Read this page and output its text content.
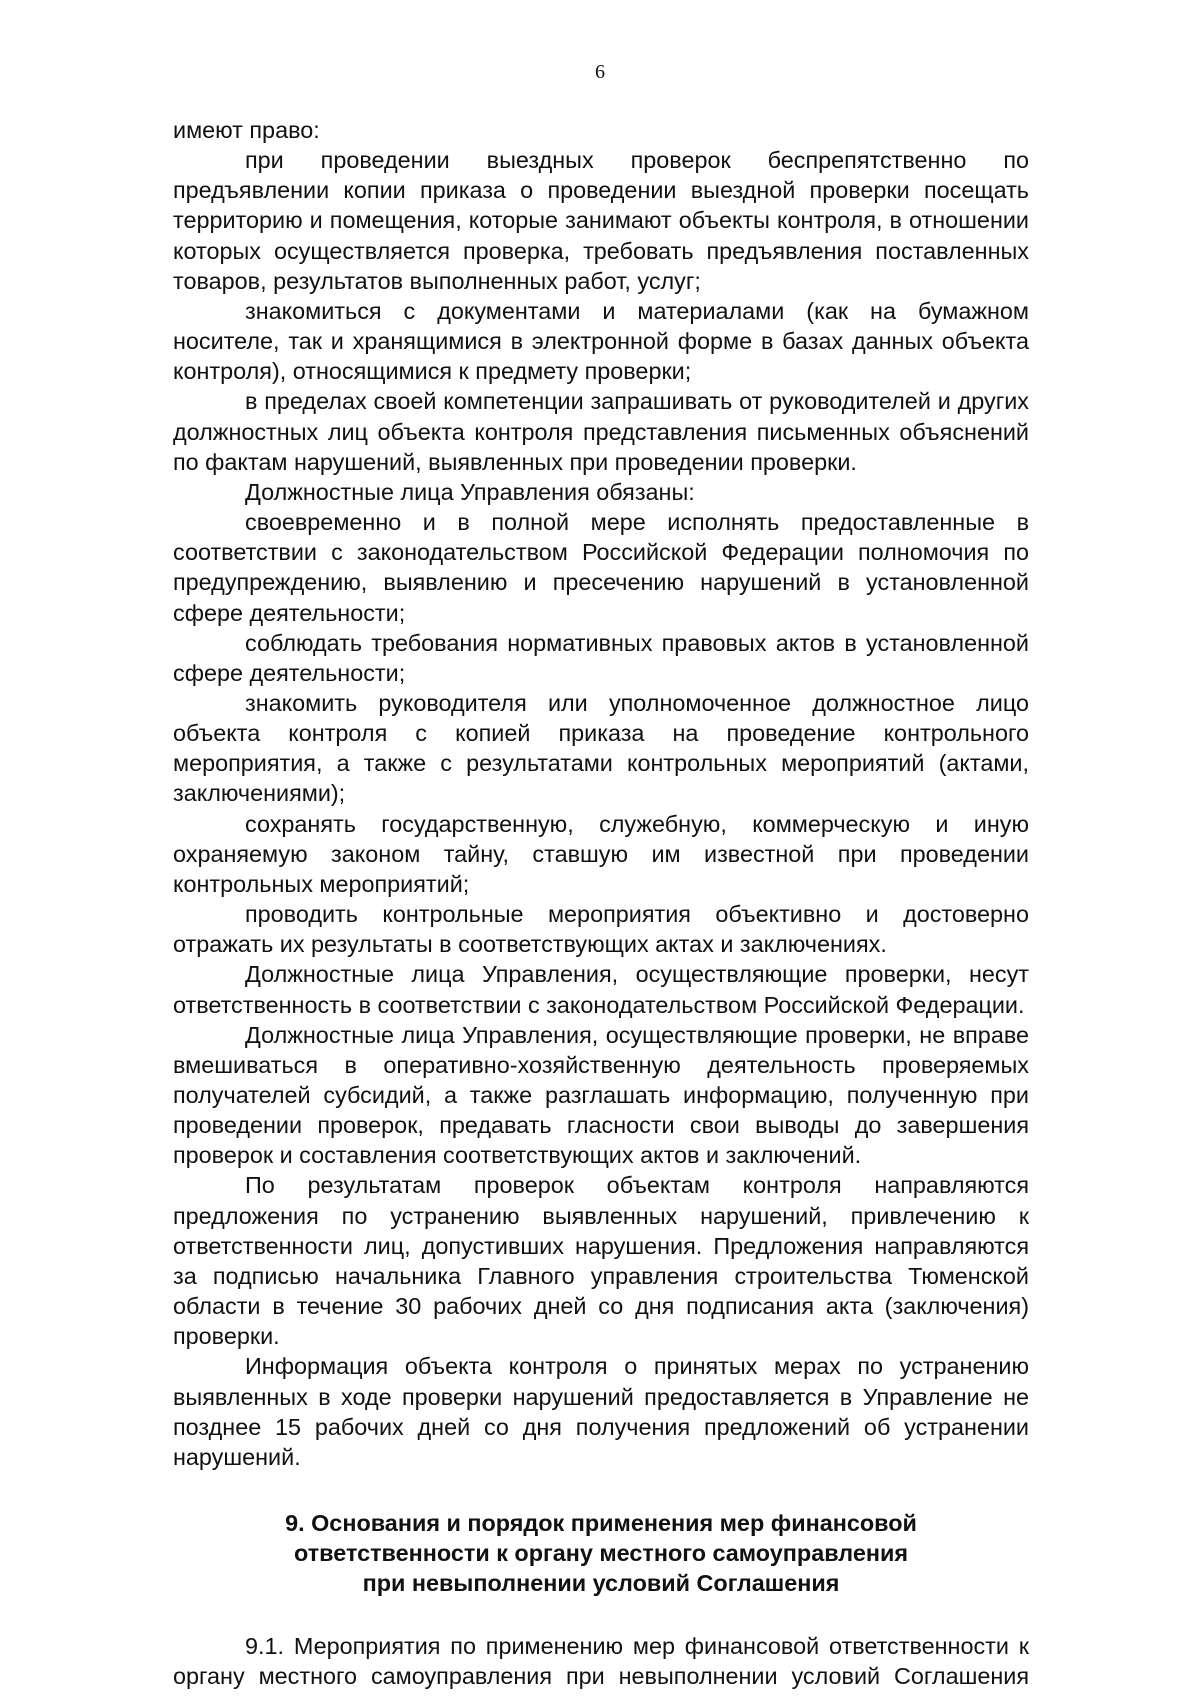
6

имеют право:

при проведении выездных проверок беспрепятственно по предъявлении копии приказа о проведении выездной проверки посещать территорию и помещения, которые занимают объекты контроля, в отношении которых осуществляется проверка, требовать предъявления поставленных товаров, результатов выполненных работ, услуг;

знакомиться с документами и материалами (как на бумажном носителе, так и хранящимися в электронной форме в базах данных объекта контроля), относящимися к предмету проверки;

в пределах своей компетенции запрашивать от руководителей и других должностных лиц объекта контроля представления письменных объяснений по фактам нарушений, выявленных при проведении проверки.

Должностные лица Управления обязаны:

своевременно и в полной мере исполнять предоставленные в соответствии с законодательством Российской Федерации полномочия по предупреждению, выявлению и пресечению нарушений в установленной сфере деятельности;

соблюдать требования нормативных правовых актов в установленной сфере деятельности;

знакомить руководителя или уполномоченное должностное лицо объекта контроля с копией приказа на проведение контрольного мероприятия, а также с результатами контрольных мероприятий (актами, заключениями);

сохранять государственную, служебную, коммерческую и иную охраняемую законом тайну, ставшую им известной при проведении контрольных мероприятий;

проводить контрольные мероприятия объективно и достоверно отражать их результаты в соответствующих актах и заключениях.

Должностные лица Управления, осуществляющие проверки, несут ответственность в соответствии с законодательством Российской Федерации.

Должностные лица Управления, осуществляющие проверки, не вправе вмешиваться в оперативно-хозяйственную деятельность проверяемых получателей субсидий, а также разглашать информацию, полученную при проведении проверок, предавать гласности свои выводы до завершения проверок и составления соответствующих актов и заключений.

По результатам проверок объектам контроля направляются предложения по устранению выявленных нарушений, привлечению к ответственности лиц, допустивших нарушения. Предложения направляются за подписью начальника Главного управления строительства Тюменской области в течение 30 рабочих дней со дня подписания акта (заключения) проверки.

Информация объекта контроля о принятых мерах по устранению выявленных в ходе проверки нарушений предоставляется в Управление не позднее 15 рабочих дней со дня получения предложений об устранении нарушений.

9. Основания и порядок применения мер финансовой
ответственности к органу местного самоуправления
при невыполнении условий Соглашения

9.1. Мероприятия по применению мер финансовой ответственности к органу местного самоуправления при невыполнении условий Соглашения
